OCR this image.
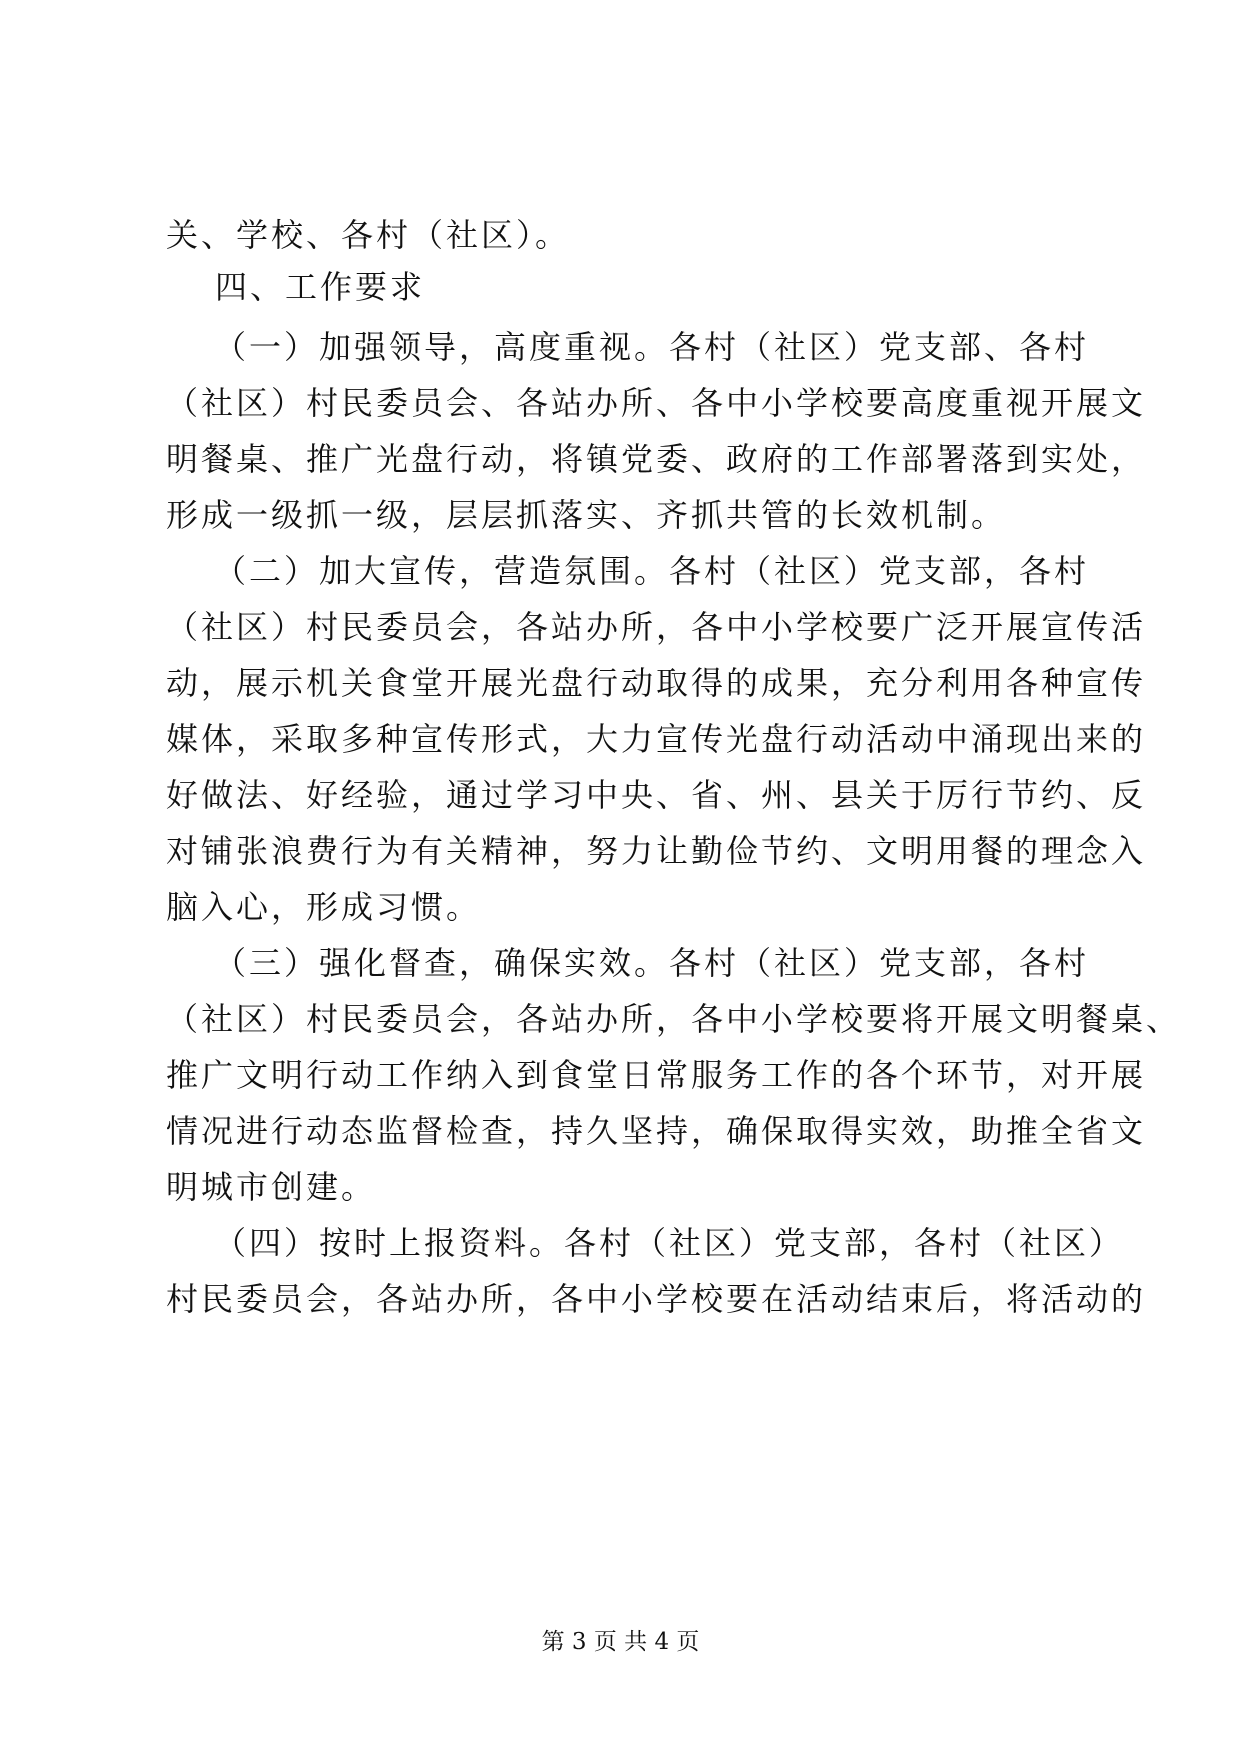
关、学校、各村（社区）。
四、工作要求
（一）加强领导，高度重视。各村（社区）党支部、各村
（社区）村民委员会、各站办所、各中小学校要高度重视开展文
明餐桌、推广光盘行动，将镇党委、政府的工作部署落到实处，
形成一级抓一级，层层抓落实、齐抓共管的长效机制。
（二）加大宣传，营造氛围。各村（社区）党支部，各村
（社区）村民委员会，各站办所，各中小学校要广泛开展宣传活
动，展示机关食堂开展光盘行动取得的成果，充分利用各种宣传
媒体，采取多种宣传形式，大力宣传光盘行动活动中涌现出来的
好做法、好经验，通过学习中央、省、州、县关于厉行节约、反
对铺张浪费行为有关精神，努力让勤俭节约、文明用餐的理念入
脑入心，形成习惯。
（三）强化督查，确保实效。各村（社区）党支部，各村
（社区）村民委员会，各站办所，各中小学校要将开展文明餐桌、
推广文明行动工作纳入到食堂日常服务工作的各个环节，对开展
情况进行动态监督检查，持久坚持，确保取得实效，助推全省文
明城市创建。
（四）按时上报资料。各村（社区）党支部，各村（社区）
村民委员会，各站办所，各中小学校要在活动结束后，将活动的
第 3 页 共 4 页
